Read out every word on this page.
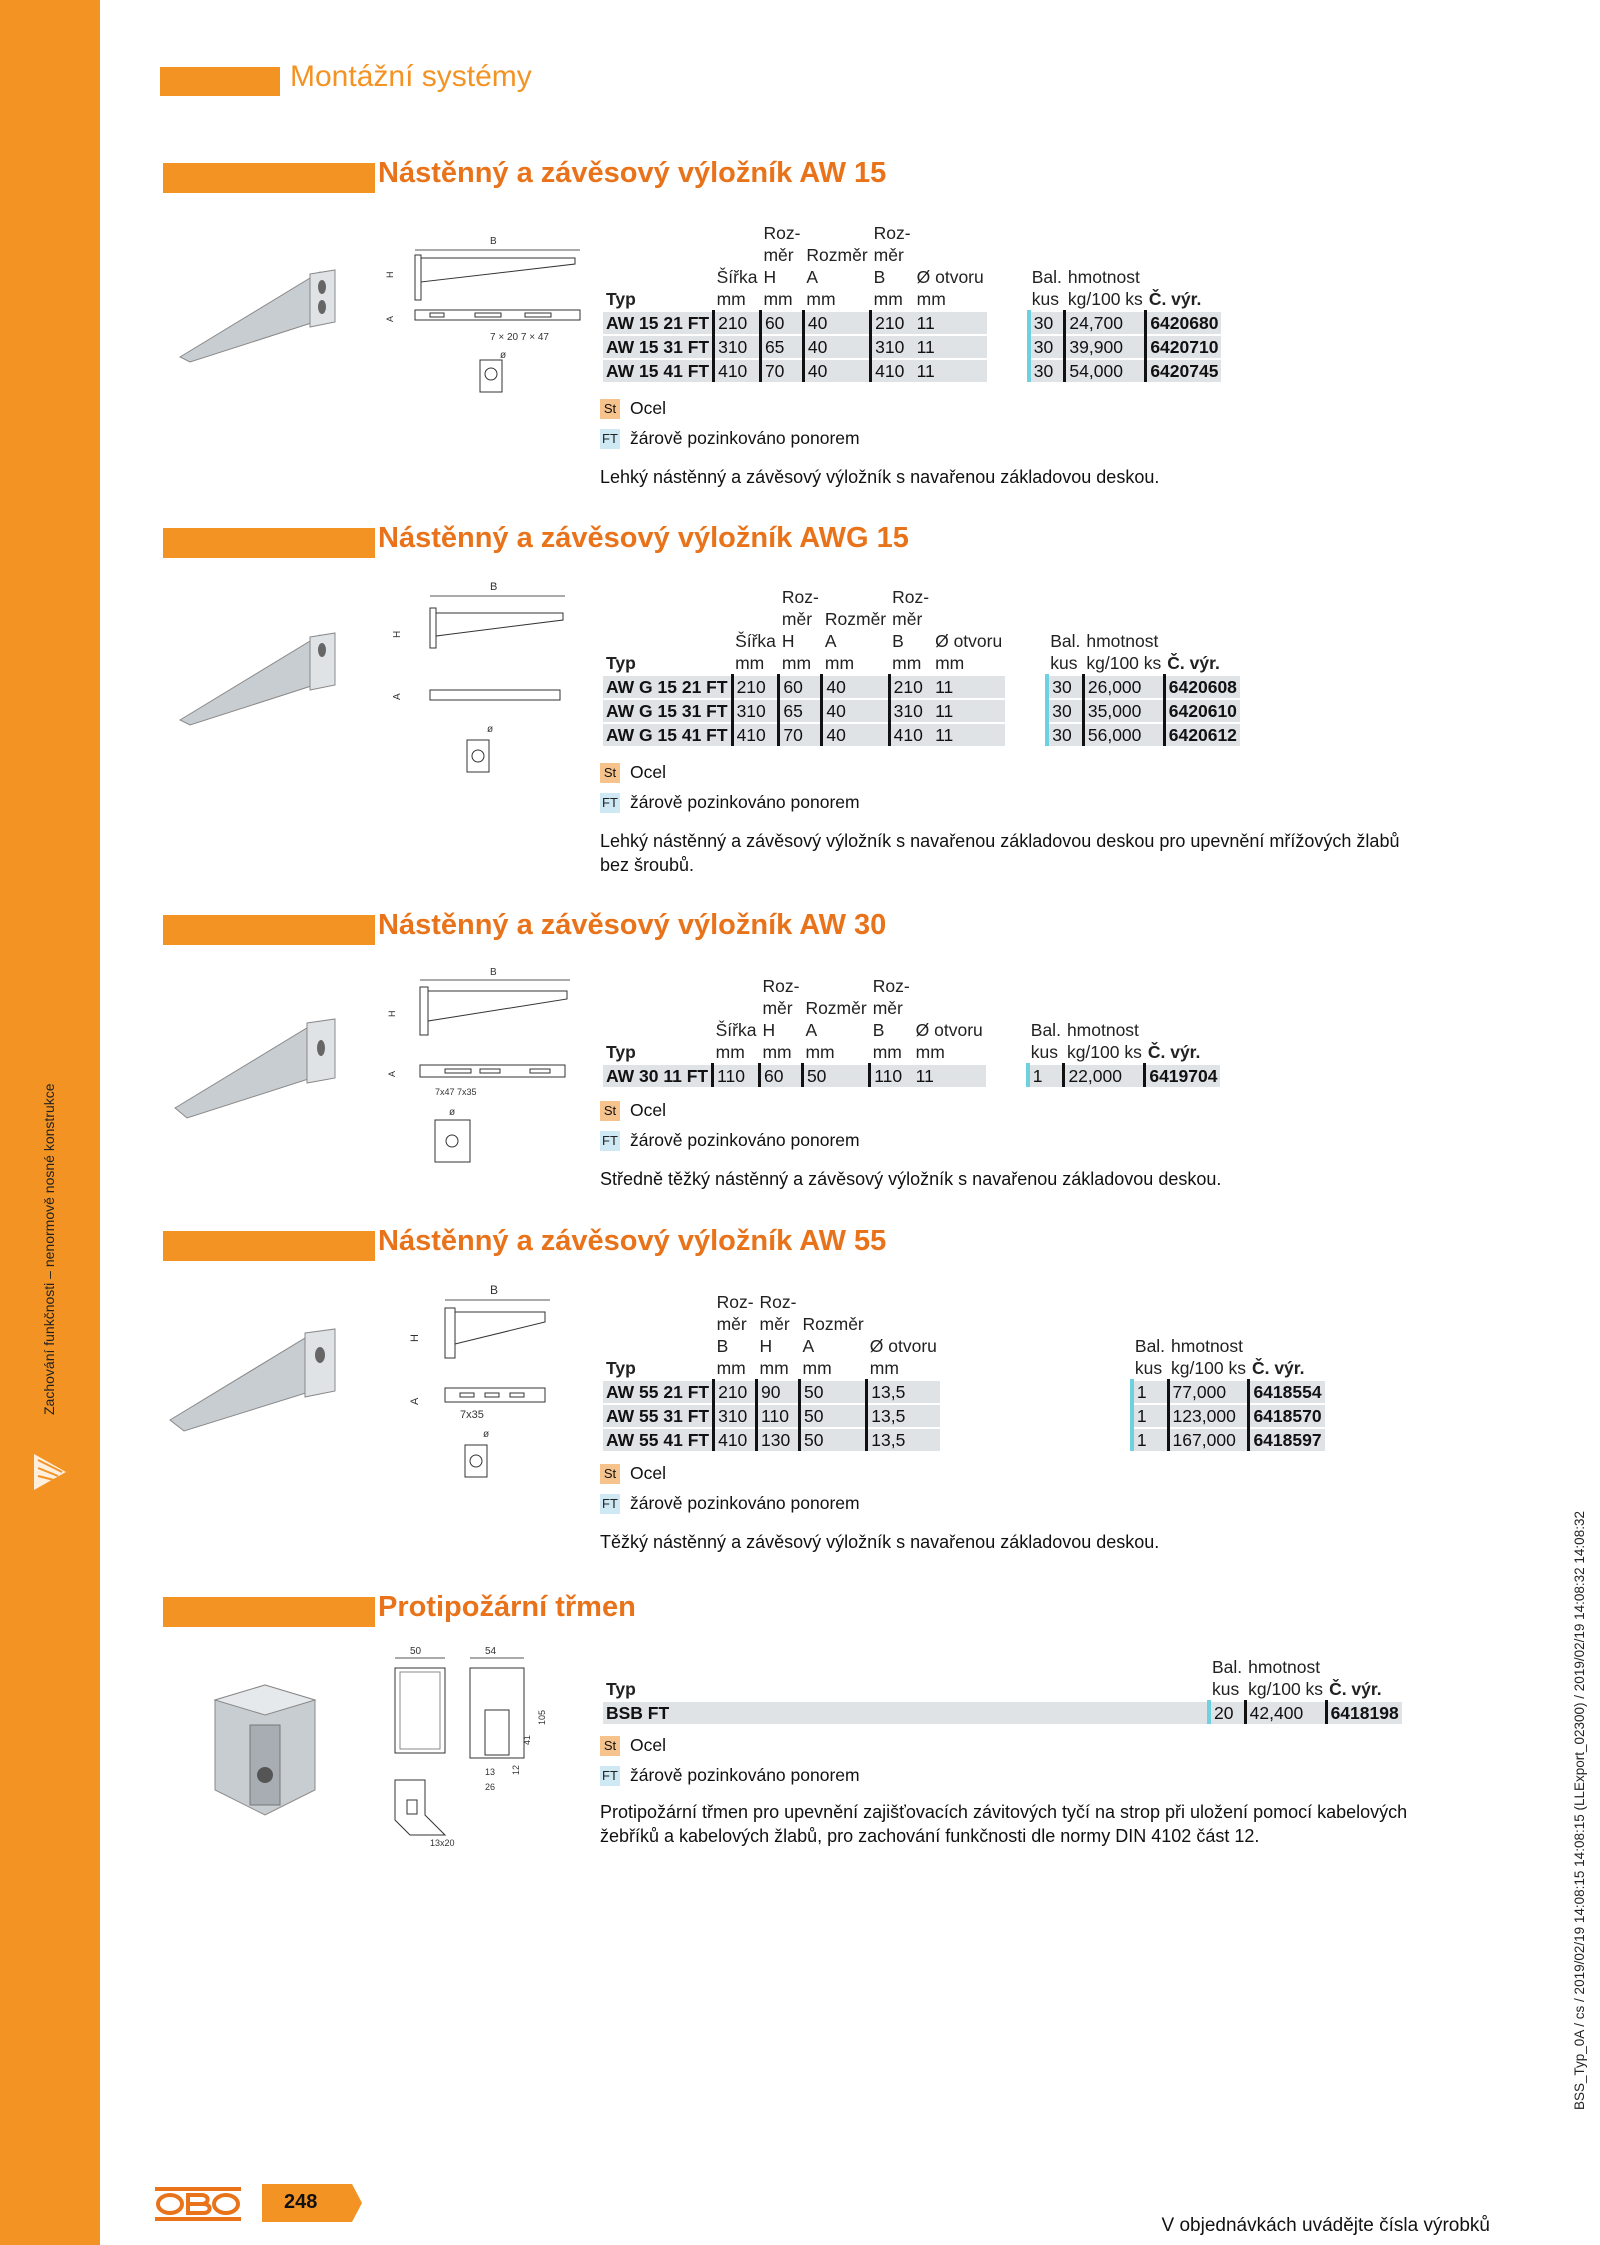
Zachování funkčnosti – nenormově nosné konstrukce
Montážní systémy
Nástěnný a závěsový výložník AW 15
B
H
A
7 × 20 7 × 47
ø
		Roz-		Roz-					
		měr	Rozměr	měr					
	Šířka	H	A	B	Ø otvoru		Bal.	hmotnost	
Typ	mm	mm	mm	mm	mm		kus	kg/100 ks	Č. výr.
AW 15 21 FT	210	60	40	210	11		30	24,700	6420680
AW 15 31 FT	310	65	40	310	11		30	39,900	6420710
AW 15 41 FT	410	70	40	410	11		30	54,000	6420745
St Ocel
FT žárově pozinkováno ponorem
Lehký nástěnný a závěsový výložník s navařenou základovou deskou.
Nástěnný a závěsový výložník AWG 15
B
H
A
ø
		Roz-		Roz-					
		měr	Rozměr	měr					
	Šířka	H	A	B	Ø otvoru		Bal.	hmotnost	
Typ	mm	mm	mm	mm	mm		kus	kg/100 ks	Č. výr.
AW G 15 21 FT	210	60	40	210	11		30	26,000	6420608
AW G 15 31 FT	310	65	40	310	11		30	35,000	6420610
AW G 15 41 FT	410	70	40	410	11		30	56,000	6420612
St Ocel
FT žárově pozinkováno ponorem
Lehký nástěnný a závěsový výložník s navařenou základovou deskou pro upevnění mřížových žlabů bez šroubů.
Nástěnný a závěsový výložník AW 30
B
H
A
7x47 7x35
ø
		Roz-		Roz-					
		měr	Rozměr	měr					
	Šířka	H	A	B	Ø otvoru		Bal.	hmotnost	
Typ	mm	mm	mm	mm	mm		kus	kg/100 ks	Č. výr.
AW 30 11 FT	110	60	50	110	11		1	22,000	6419704
St Ocel
FT žárově pozinkováno ponorem
Středně těžký nástěnný a závěsový výložník s navařenou základovou deskou.
Nástěnný a závěsový výložník AW 55
B
H
A
7x35
ø
	Roz-	Roz-						
	měr	měr	Rozměr					
	B	H	A	Ø otvoru		Bal.	hmotnost	
Typ	mm	mm	mm	mm		kus	kg/100 ks	Č. výr.
AW 55 21 FT	210	90	50	13,5		1	77,000	6418554
AW 55 31 FT	310	110	50	13,5		1	123,000	6418570
AW 55 41 FT	410	130	50	13,5		1	167,000	6418597
St Ocel
FT žárově pozinkováno ponorem
Těžký nástěnný a závěsový výložník s navařenou základovou deskou.
Protipožární třmen
50	54
105
41
13 12
26
13x20
	Bal.	hmotnost	
Typ	kus	kg/100 ks	Č. výr.
BSB FT	20	42,400	6418198
St Ocel
FT žárově pozinkováno ponorem
Protipožární třmen pro upevnění zajišťovacích závitových tyčí na strop při uložení pomocí kabelových žebříků a kabelových žlabů, pro zachování funkčnosti dle normy DIN 4102 část 12.
248
V objednávkách uvádějte čísla výrobků
BSS_Typ_0A / cs / 2019/02/19 14:08:15 14:08:15 (LLExport_02300) / 2019/02/19 14:08:32 14:08:32
